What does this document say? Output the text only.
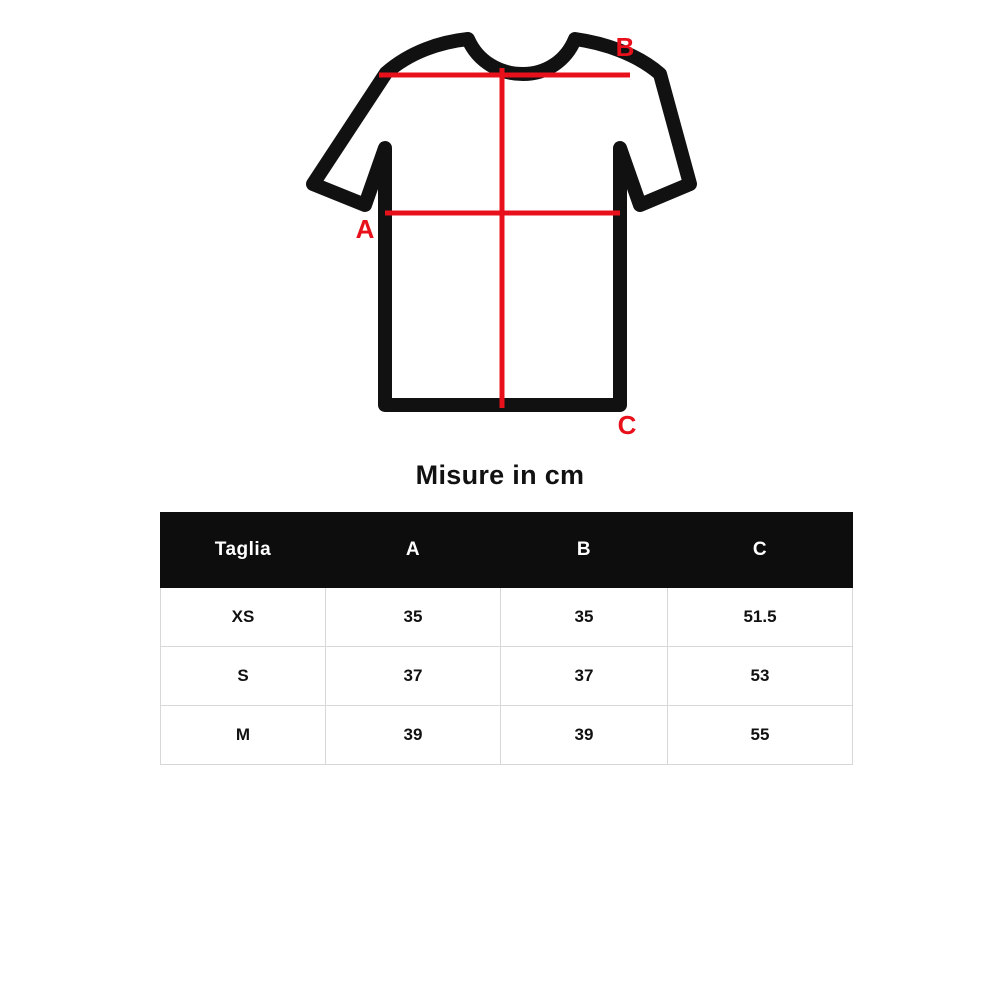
B
A
C
Misure in cm
Taglia	A	B	C
XS	35	35	51.5
S	37	37	53
M	39	39	55
